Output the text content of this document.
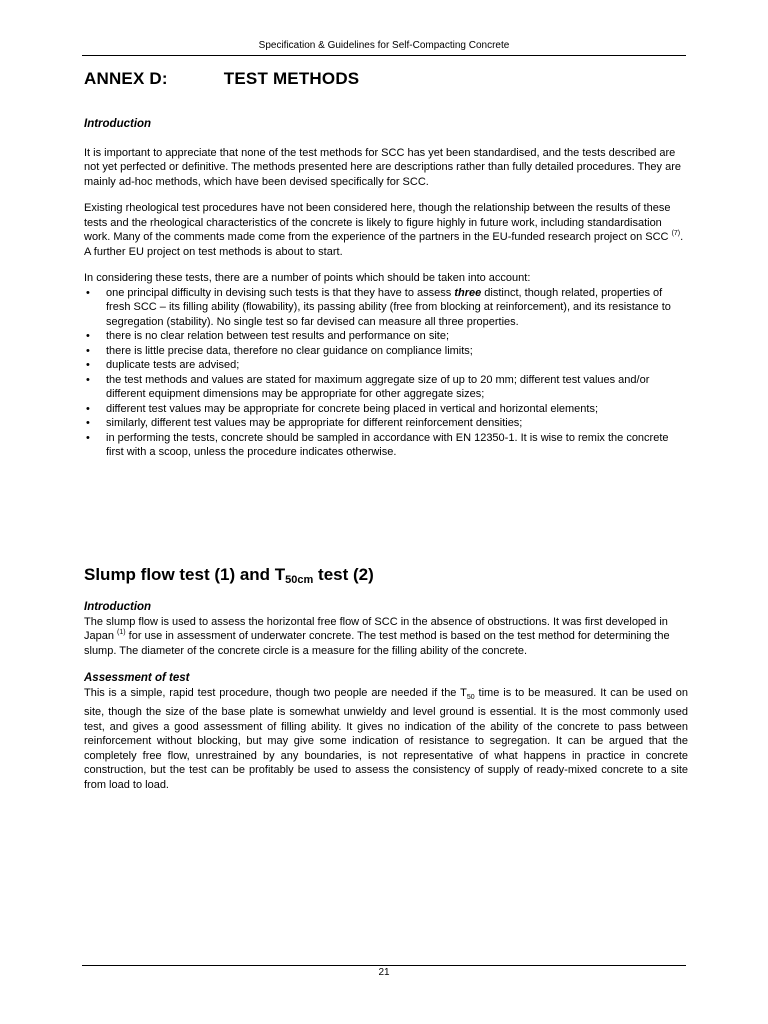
Specification & Guidelines for Self-Compacting Concrete
ANNEX D:	TEST METHODS

Introduction

It is important to appreciate that none of the test methods for SCC has yet been standardised, and the tests described are not yet perfected or definitive. The methods presented here are descriptions rather than fully detailed procedures. They are mainly ad-hoc methods, which have been devised specifically for SCC.

Existing rheological test procedures have not been considered here, though the relationship between the results of these tests and the rheological characteristics of the concrete is likely to figure highly in future work, including standardisation work. Many of the comments made come from the experience of the partners in the EU-funded research project on SCC $^{(7)}$. A further EU project on test methods is about to start.

In considering these tests, there are a number of points which should be taken into account:

• one principal difficulty in devising such tests is that they have to assess three distinct, though related, properties of fresh SCC – its filling ability (flowability), its passing ability (free from blocking at reinforcement), and its resistance to segregation (stability). No single test so far devised can measure all three properties.
• there is no clear relation between test results and performance on site;
• there is little precise data, therefore no clear guidance on compliance limits;
• duplicate tests are advised;
• the test methods and values are stated for maximum aggregate size of up to 20 mm; different test values and/or different equipment dimensions may be appropriate for other aggregate sizes;
• different test values may be appropriate for concrete being placed in vertical and horizontal elements;
• similarly, different test values may be appropriate for different reinforcement densities;
• in performing the tests, concrete should be sampled in accordance with EN 12350-1. It is wise to remix the concrete first with a scoop, unless the procedure indicates otherwise.
Slump flow test (1) and $T_{50cm}$ test (2)

Introduction

The slump flow is used to assess the horizontal free flow of SCC in the absence of obstructions. It was first developed in Japan $^{(1)}$ for use in assessment of underwater concrete. The test method is based on the test method for determining the slump. The diameter of the concrete circle is a measure for the filling ability of the concrete.

Assessment of test

This is a simple, rapid test procedure, though two people are needed if the $T_{50}$ time is to be measured. It can be used on site, though the size of the base plate is somewhat unwieldy and level ground is essential. It is the most commonly used test, and gives a good assessment of filling ability. It gives no indication of the ability of the concrete to pass between reinforcement without blocking, but may give some indication of resistance to segregation. It can be argued that the completely free flow, unrestrained by any boundaries, is not representative of what happens in practice in concrete construction, but the test can be profitably be used to assess the consistency of supply of ready-mixed concrete to a site from load to load.

21
